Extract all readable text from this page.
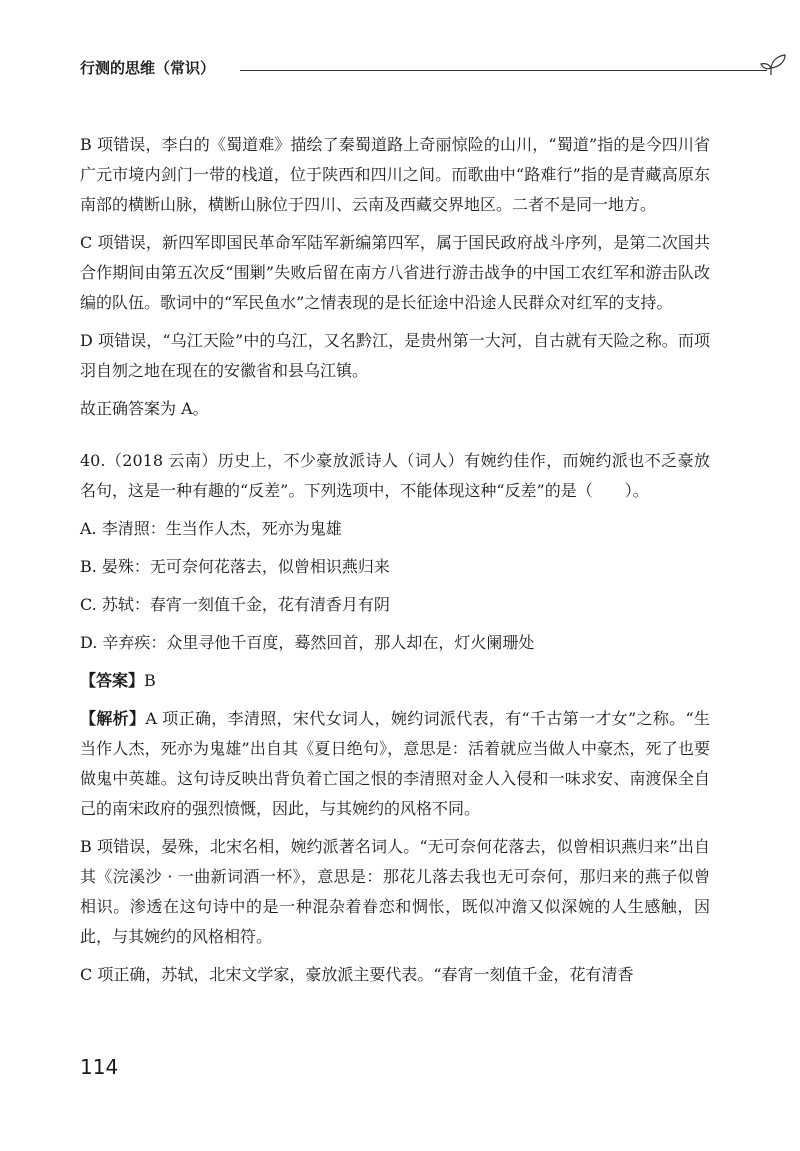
行测的思维（常识）

B 项错误，李白的《蜀道难》描绘了秦蜀道路上奇丽惊险的山川，“蜀道”指的是今四川省广元市境内剑门一带的栈道，位于陕西和四川之间。而歌曲中“路难行”指的是青藏高原东南部的横断山脉，横断山脉位于四川、云南及西藏交界地区。二者不是同一地方。

C 项错误，新四军即国民革命军陆军新编第四军，属于国民政府战斗序列，是第二次国共合作期间由第五次反“围剿”失败后留在南方八省进行游击战争的中国工农红军和游击队改编的队伍。歌词中的“军民鱼水”之情表现的是长征途中沿途人民群众对红军的支持。

D 项错误，“乌江天险”中的乌江，又名黔江，是贵州第一大河，自古就有天险之称。而项羽自刎之地在现在的安徽省和县乌江镇。

故正确答案为 A。

40.（2018 云南）历史上，不少豪放派诗人（词人）有婉约佳作，而婉约派也不乏豪放名句，这是一种有趣的“反差”。下列选项中，不能体现这种“反差”的是（　　）。

A. 李清照：生当作人杰，死亦为鬼雄

B. 晏殊：无可奈何花落去，似曾相识燕归来

C. 苏轼：春宵一刻值千金，花有清香月有阴

D. 辛弃疾：众里寻他千百度，蓦然回首，那人却在，灯火阑珊处

【答案】B

【解析】A 项正确，李清照，宋代女词人，婉约词派代表，有“千古第一才女”之称。“生当作人杰，死亦为鬼雄”出自其《夏日绝句》，意思是：活着就应当做人中豪杰，死了也要做鬼中英雄。这句诗反映出背负着亡国之恨的李清照对金人入侵和一味求安、南渡保全自己的南宋政府的强烈愤慨，因此，与其婉约的风格不同。

B 项错误，晏殊，北宋名相，婉约派著名词人。“无可奈何花落去，似曾相识燕归来”出自其《浣溪沙 · 一曲新词酒一杯》，意思是：那花儿落去我也无可奈何，那归来的燕子似曾相识。渗透在这句诗中的是一种混杂着眷恋和惆怅，既似冲澹又似深婉的人生感触，因此，与其婉约的风格相符。

C 项正确，苏轼，北宋文学家，豪放派主要代表。“春宵一刻值千金，花有清香

114
